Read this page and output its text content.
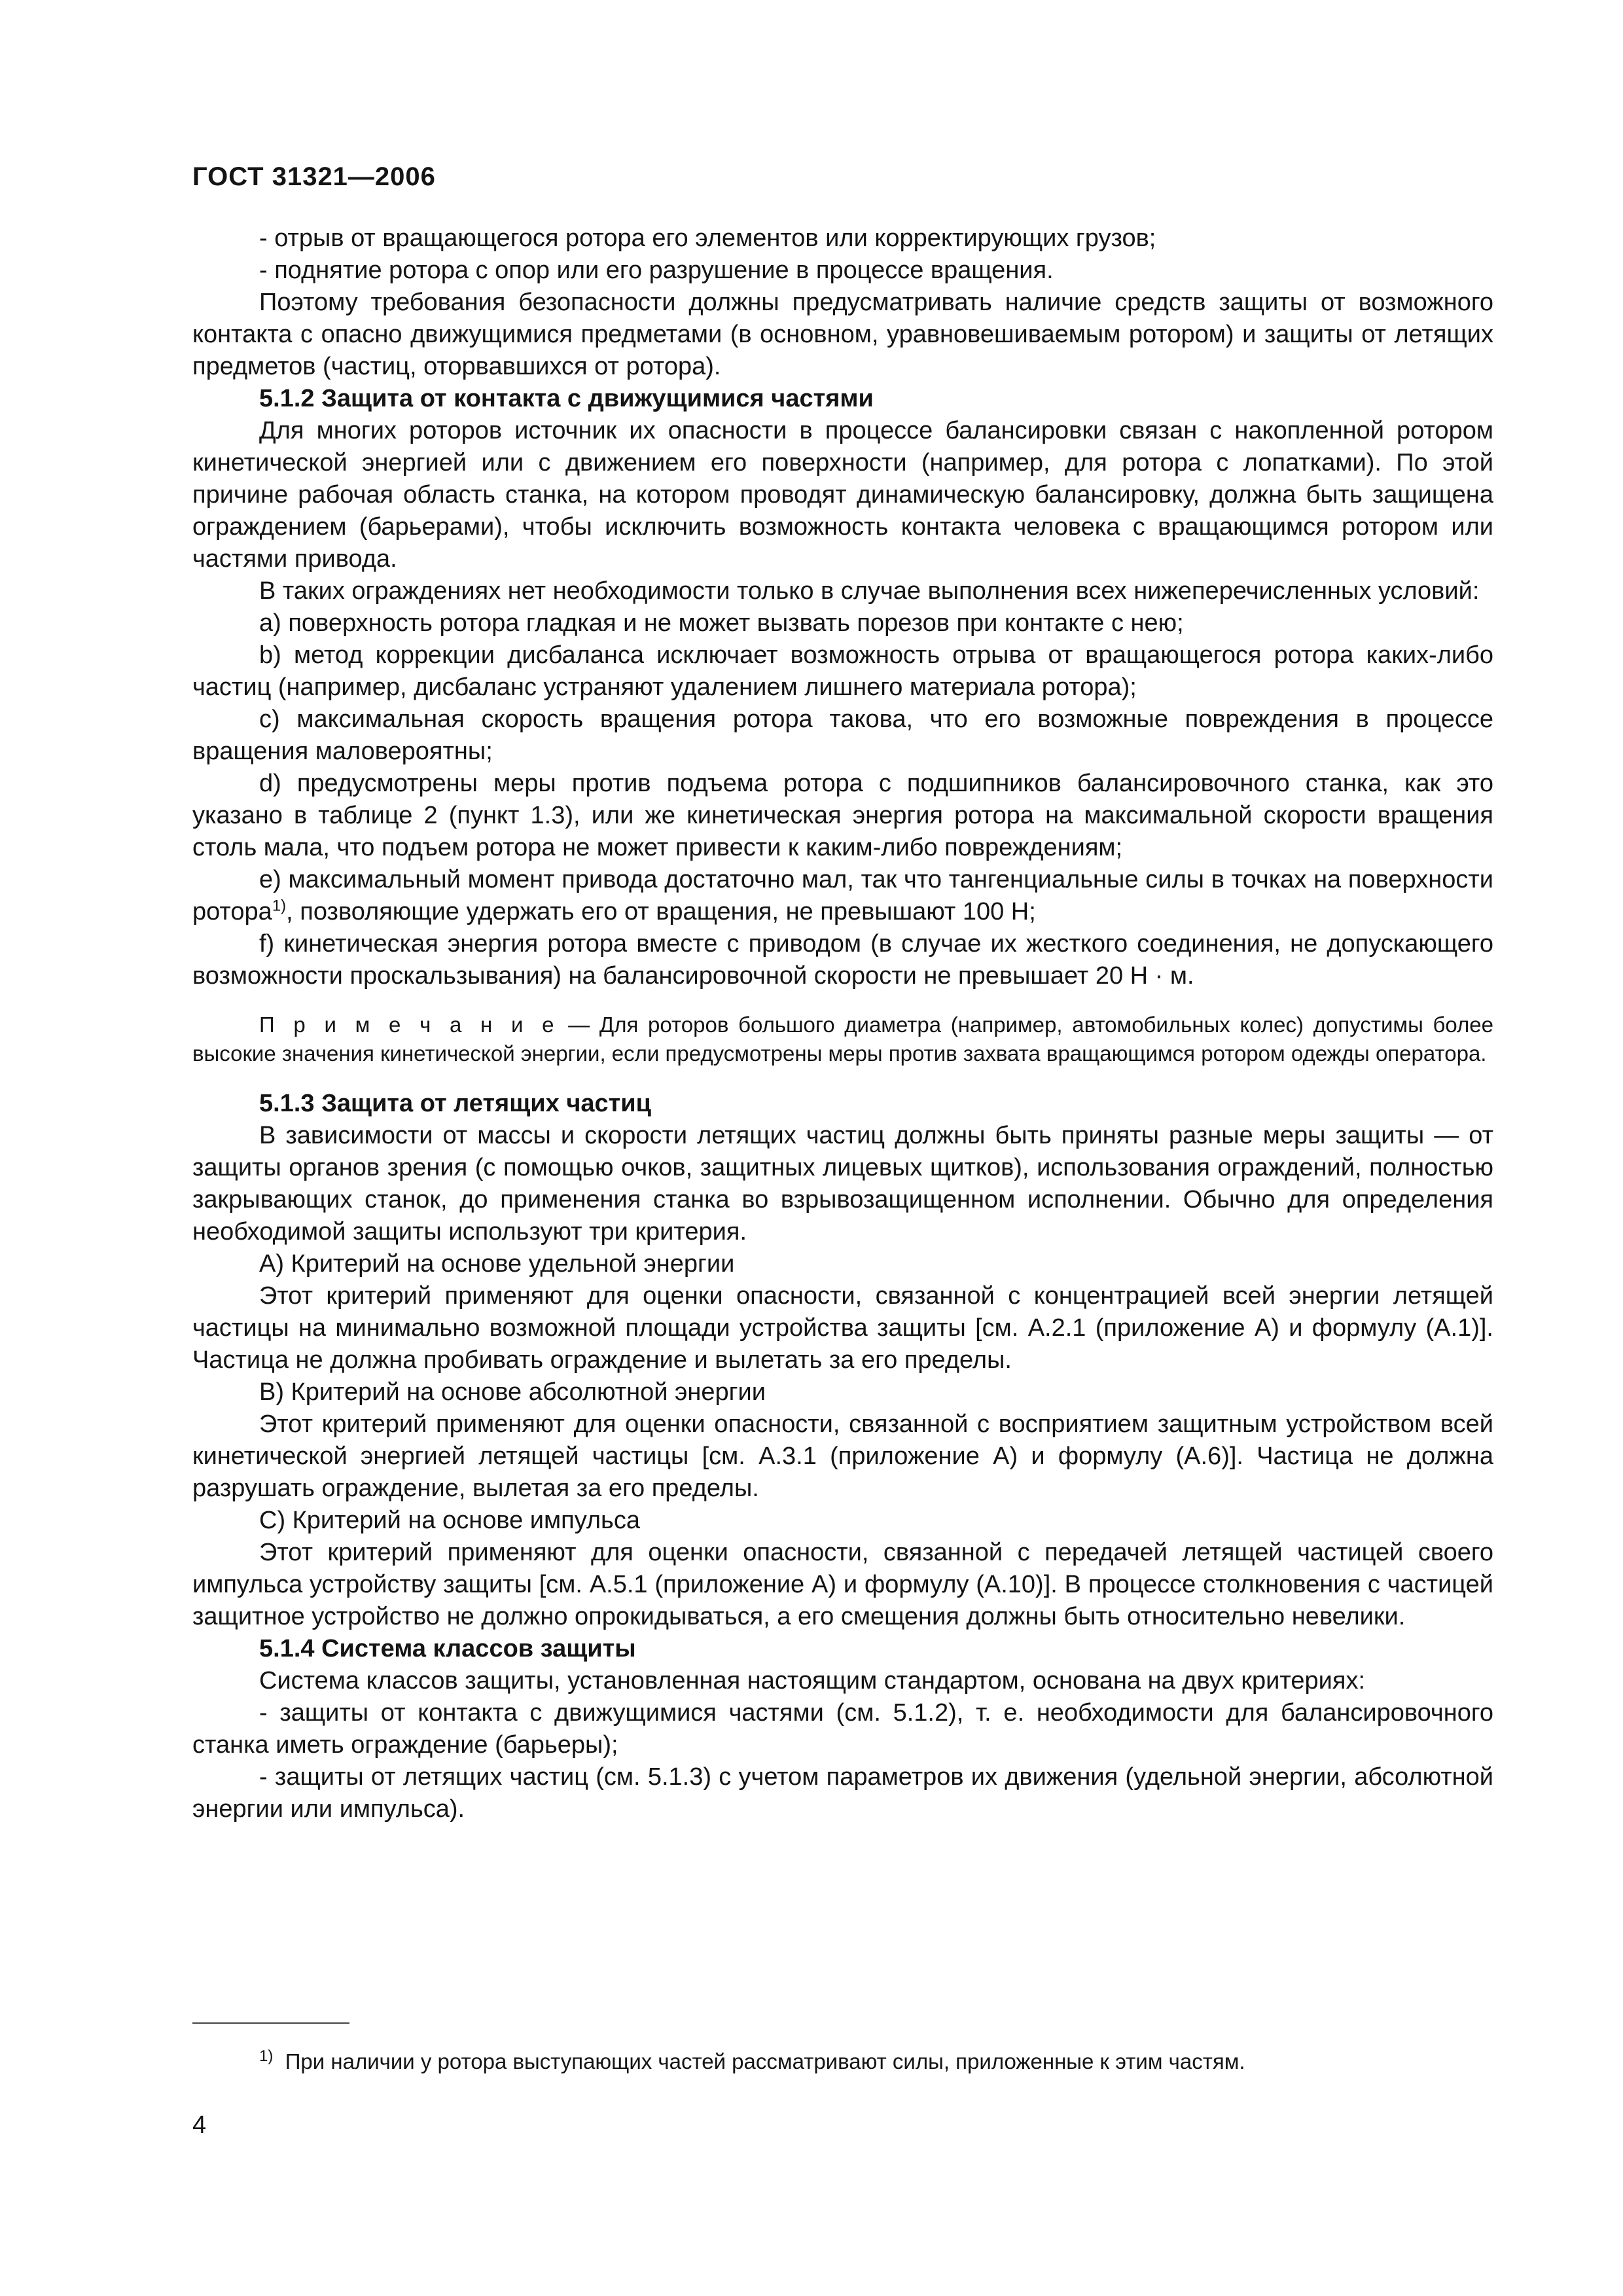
ГОСТ 31321—2006

- отрыв от вращающегося ротора его элементов или корректирующих грузов;

- поднятие ротора с опор или его разрушение в процессе вращения.

Поэтому требования безопасности должны предусматривать наличие средств защиты от возможного контакта с опасно движущимися предметами (в основном, уравновешиваемым ротором) и защиты от летящих предметов (частиц, оторвавшихся от ротора).

5.1.2 Защита от контакта с движущимися частями

Для многих роторов источник их опасности в процессе балансировки связан с накопленной ротором кинетической энергией или с движением его поверхности (например, для ротора с лопатками). По этой причине рабочая область станка, на котором проводят динамическую балансировку, должна быть защищена ограждением (барьерами), чтобы исключить возможность контакта человека с вращающимся ротором или частями привода.

В таких ограждениях нет необходимости только в случае выполнения всех нижеперечисленных условий:

a) поверхность ротора гладкая и не может вызвать порезов при контакте с нею;

b) метод коррекции дисбаланса исключает возможность отрыва от вращающегося ротора каких-либо частиц (например, дисбаланс устраняют удалением лишнего материала ротора);

c) максимальная скорость вращения ротора такова, что его возможные повреждения в процессе вращения маловероятны;

d) предусмотрены меры против подъема ротора с подшипников балансировочного станка, как это указано в таблице 2 (пункт 1.3), или же кинетическая энергия ротора на максимальной скорости вращения столь мала, что подъем ротора не может привести к каким-либо повреждениям;

e) максимальный момент привода достаточно мал, так что тангенциальные силы в точках на поверхности ротора$^{1)}$, позволяющие удержать его от вращения, не превышают 100 Н;

f) кинетическая энергия ротора вместе с приводом (в случае их жесткого соединения, не допускающего возможности проскальзывания) на балансировочной скорости не превышает 20 Н · м.

П р и м е ч а н и е — Для роторов большого диаметра (например, автомобильных колес) допустимы более высокие значения кинетической энергии, если предусмотрены меры против захвата вращающимся ротором одежды оператора.

5.1.3 Защита от летящих частиц

В зависимости от массы и скорости летящих частиц должны быть приняты разные меры защиты — от защиты органов зрения (с помощью очков, защитных лицевых щитков), использования ограждений, полностью закрывающих станок, до применения станка во взрывозащищенном исполнении. Обычно для определения необходимой защиты используют три критерия.

A) Критерий на основе удельной энергии

Этот критерий применяют для оценки опасности, связанной с концентрацией всей энергии летящей частицы на минимально возможной площади устройства защиты [см. А.2.1 (приложение А) и формулу (А.1)]. Частица не должна пробивать ограждение и вылетать за его пределы.

B) Критерий на основе абсолютной энергии

Этот критерий применяют для оценки опасности, связанной с восприятием защитным устройством всей кинетической энергией летящей частицы [см. А.3.1 (приложение А) и формулу (А.6)]. Частица не должна разрушать ограждение, вылетая за его пределы.

C) Критерий на основе импульса

Этот критерий применяют для оценки опасности, связанной с передачей летящей частицей своего импульса устройству защиты [см. А.5.1 (приложение А) и формулу (А.10)]. В процессе столкновения с частицей защитное устройство не должно опрокидываться, а его смещения должны быть относительно невелики.

5.1.4 Система классов защиты

Система классов защиты, установленная настоящим стандартом, основана на двух критериях:

- защиты от контакта с движущимися частями (см. 5.1.2), т. е. необходимости для балансировочного станка иметь ограждение (барьеры);

- защиты от летящих частиц (см. 5.1.3) с учетом параметров их движения (удельной энергии, абсолютной энергии или импульса).

$^{1)}$ При наличии у ротора выступающих частей рассматривают силы, приложенные к этим частям.
4
